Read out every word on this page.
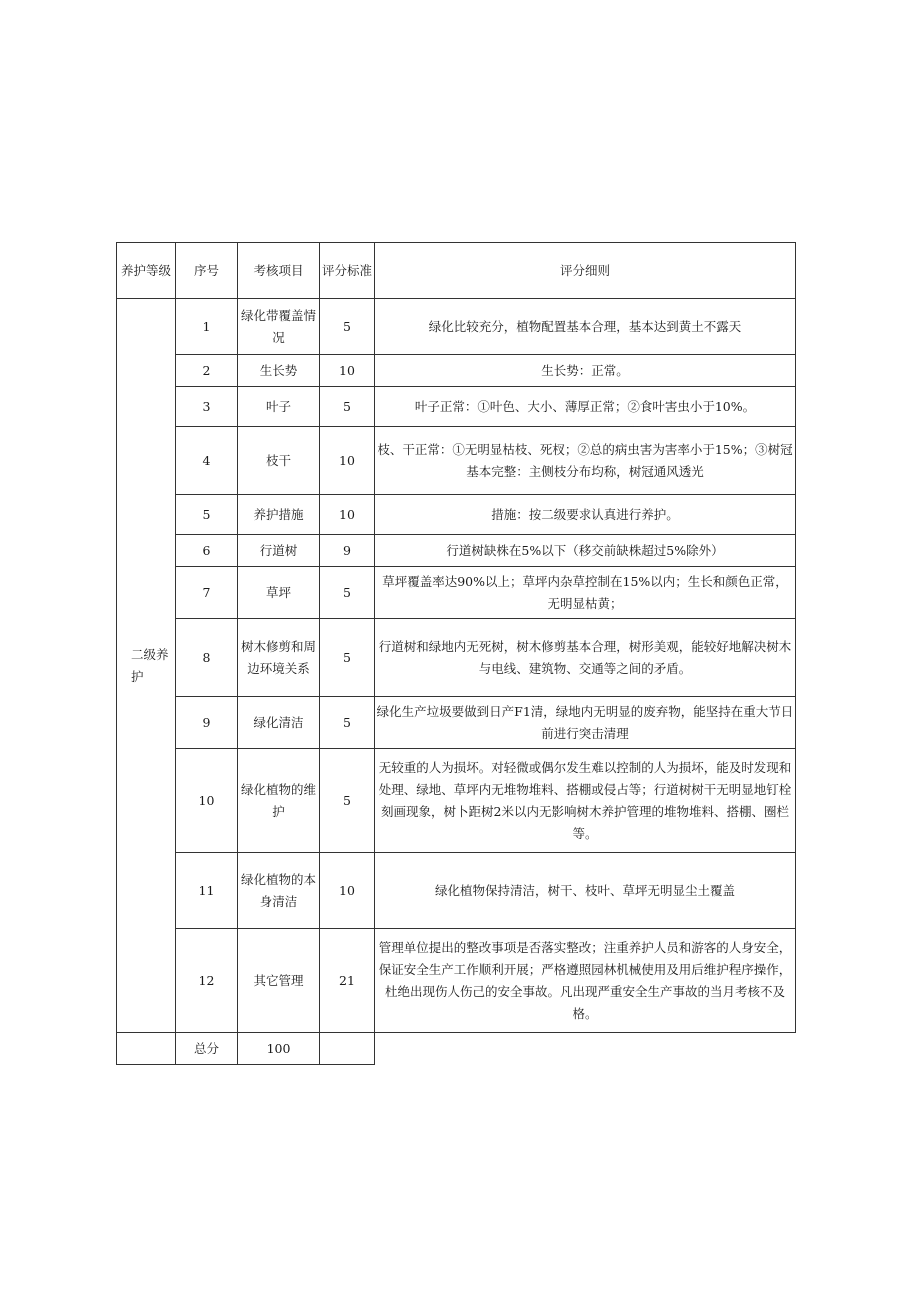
养护等级	序号	考核项目	评分标准	评分细则
二级养护	1	绿化带覆盖情况	5	绿化比较充分，植物配置基本合理，基本达到黄土不露天
	2	生长势	10	生长势：正常。
	3	叶子	5	叶子正常：①叶色、大小、薄厚正常；②食叶害虫小于10%。
	4	枝干	10	枝、干正常：①无明显枯枝、死杈；②总的病虫害为害率小于15%；③树冠基本完整：主侧枝分布均称，树冠通风透光
	5	养护措施	10	措施：按二级要求认真进行养护。
	6	行道树	9	行道树缺株在5%以下（移交前缺株超过5%除外）
	7	草坪	5	草坪覆盖率达90%以上；草坪内杂草控制在15%以内；生长和颜色正常，无明显枯黄；
	8	树木修剪和周边环境关系	5	行道树和绿地内无死树，树木修剪基本合理，树形美观，能较好地解决树木与电线、建筑物、交通等之间的矛盾。
	9	绿化清洁	5	绿化生产垃圾要做到日产F1清，绿地内无明显的废弃物，能坚持在重大节日前进行突击清理
	10	绿化植物的维护	5	无较重的人为损坏。对轻微或偶尔发生难以控制的人为损坏，能及时发现和处理、绿地、草坪内无堆物堆料、搭棚或侵占等；行道树树干无明显地钉栓刻画现象，树卜距树2米以内无影响树木养护管理的堆物堆料、搭棚、圈栏等。
	11	绿化植物的本身清洁	10	绿化植物保持清洁，树干、枝叶、草坪无明显尘土覆盖
	12	其它管理	21	管理单位提出的整改事项是否落实整改；注重养护人员和游客的人身安全，保证安全生产工作顺利开展；严格遵照园林机械使用及用后维护程序操作，杜绝出现伤人伤己的安全事故。凡出现严重安全生产事故的当月考核不及格。
	总分	100		
